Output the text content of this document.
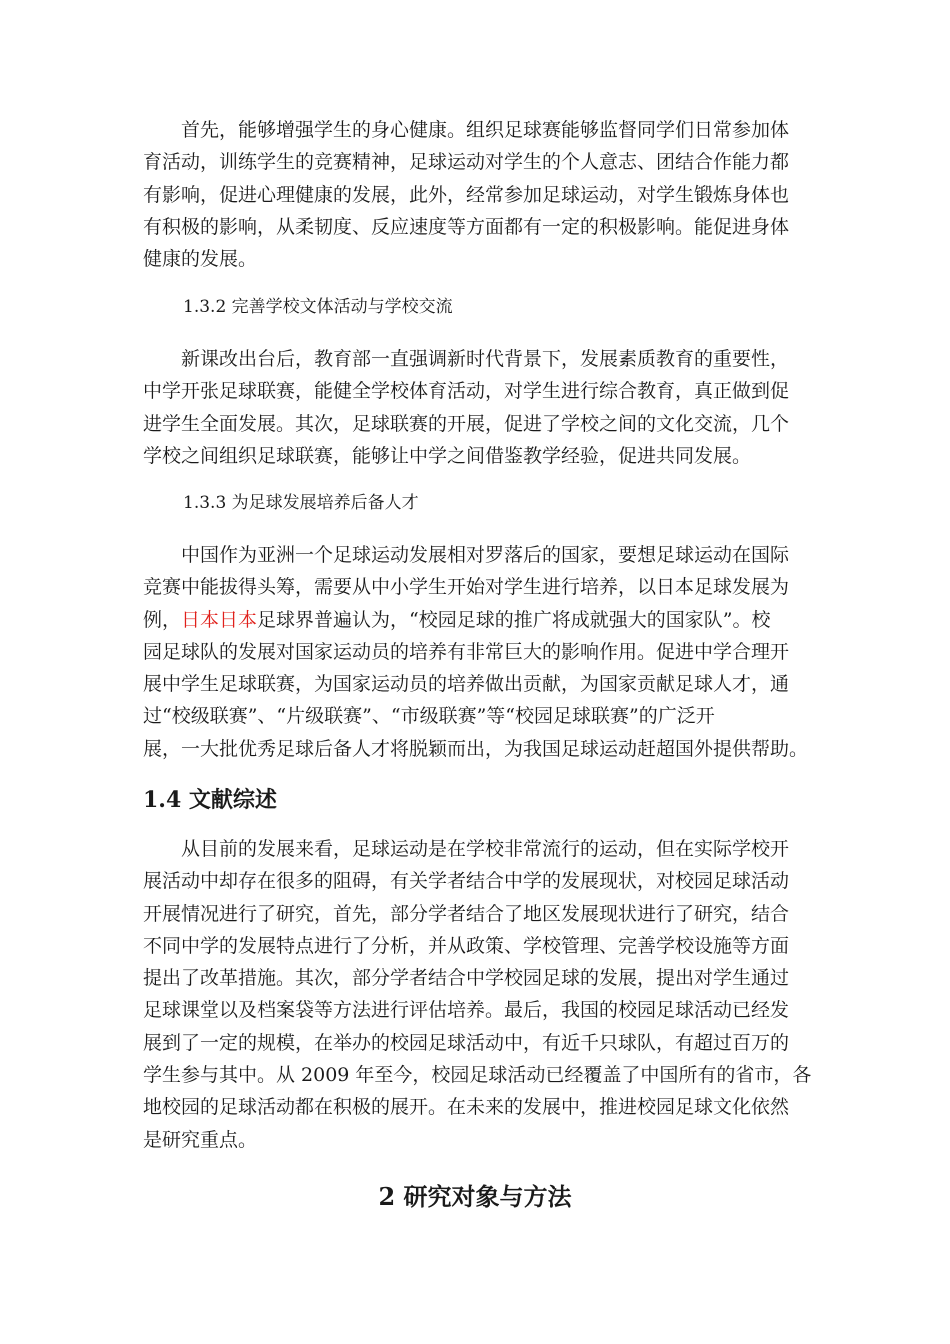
　　首先，能够增强学生的身心健康。组织足球赛能够监督同学们日常参加体
育活动，训练学生的竞赛精神，足球运动对学生的个人意志、团结合作能力都
有影响，促进心理健康的发展，此外，经常参加足球运动，对学生锻炼身体也
有积极的影响，从柔韧度、反应速度等方面都有一定的积极影响。能促进身体
健康的发展。
1.3.2 完善学校文体活动与学校交流
　　新课改出台后，教育部一直强调新时代背景下，发展素质教育的重要性，
中学开张足球联赛，能健全学校体育活动，对学生进行综合教育，真正做到促
进学生全面发展。其次，足球联赛的开展，促进了学校之间的文化交流，几个
学校之间组织足球联赛，能够让中学之间借鉴教学经验，促进共同发展。
1.3.3 为足球发展培养后备人才
　　中国作为亚洲一个足球运动发展相对罗落后的国家，要想足球运动在国际
竞赛中能拔得头筹，需要从中小学生开始对学生进行培养，以日本足球发展为
例，日本日本足球界普遍认为，“校园足球的推广将成就强大的国家队”。校
园足球队的发展对国家运动员的培养有非常巨大的影响作用。促进中学合理开
展中学生足球联赛，为国家运动员的培养做出贡献，为国家贡献足球人才，通
过“校级联赛”、“片级联赛”、“市级联赛”等“校园足球联赛”的广泛开
展，一大批优秀足球后备人才将脱颖而出，为我国足球运动赶超国外提供帮助。
1.4 文献综述
　　从目前的发展来看，足球运动是在学校非常流行的运动，但在实际学校开
展活动中却存在很多的阻碍，有关学者结合中学的发展现状，对校园足球活动
开展情况进行了研究，首先，部分学者结合了地区发展现状进行了研究，结合
不同中学的发展特点进行了分析，并从政策、学校管理、完善学校设施等方面
提出了改革措施。其次，部分学者结合中学校园足球的发展，提出对学生通过
足球课堂以及档案袋等方法进行评估培养。最后，我国的校园足球活动已经发
展到了一定的规模，在举办的校园足球活动中，有近千只球队，有超过百万的
学生参与其中。从 2009 年至今，校园足球活动已经覆盖了中国所有的省市，各
地校园的足球活动都在积极的展开。在未来的发展中，推进校园足球文化依然
是研究重点。
2 研究对象与方法
